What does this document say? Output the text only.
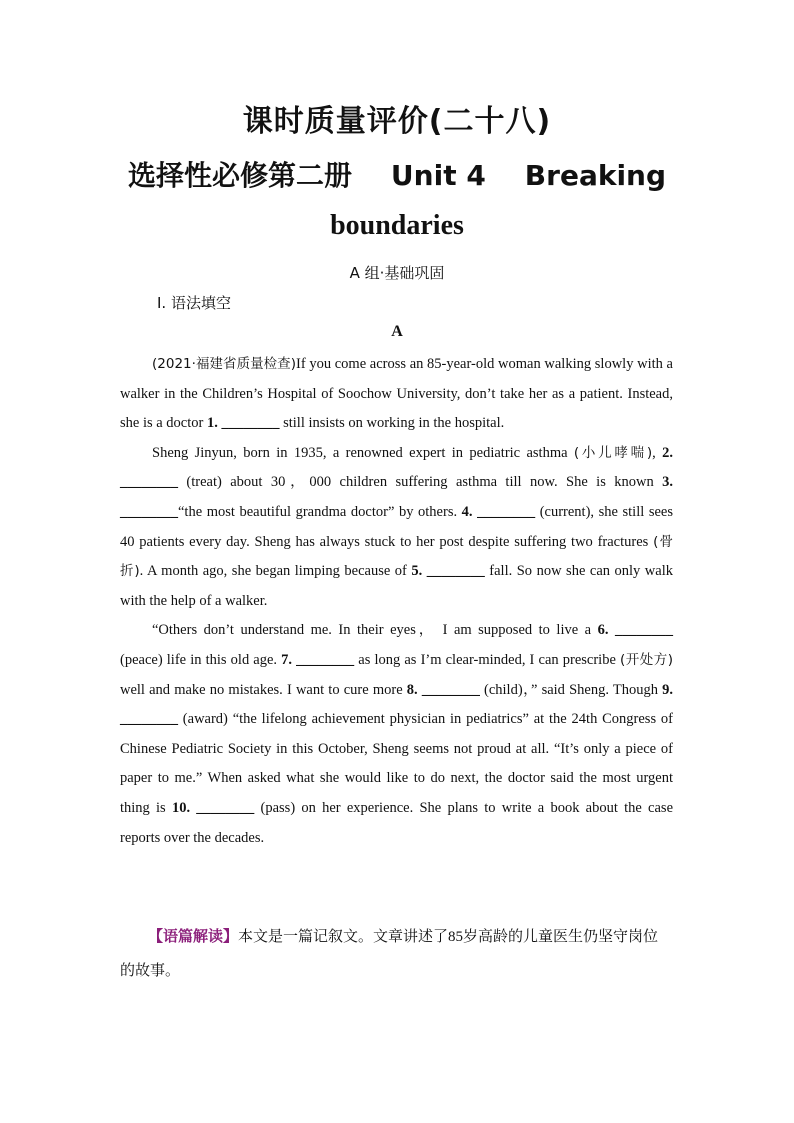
课时质量评价(二十八)
选择性必修第二册    Unit 4    Breaking
boundaries
A 组·基础巩固
Ⅰ. 语法填空
A

(2021·福建省质量检查)If you come across an 85-year-old woman walking slowly with a walker in the Children’s Hospital of Soochow University, don’t take her as a patient. Instead, she is a doctor 1. ________ still insists on working in the hospital.

Sheng Jinyun, born in 1935, a renowned expert in pediatric asthma (小儿哮喘), 2. ________ (treat) about 30，000 children suffering asthma till now. She is known 3. ________“the most beautiful grandma doctor” by others. 4. ________ (current), she still sees 40 patients every day. Sheng has always stuck to her post despite suffering two fractures (骨折). A month ago, she began limping because of 5. ________ fall. So now she can only walk with the help of a walker.

“Others don’t understand me. In their eyes， I am supposed to live a 6. ________ (peace) life in this old age. 7. ________ as long as I’m clear-minded, I can prescribe (开处方) well and make no mistakes. I want to cure more 8. ________ (child)，” said Sheng. Though 9. ________ (award) “the lifelong achievement physician in pediatrics” at the 24th Congress of Chinese Pediatric Society in this October, Sheng seems not proud at all. “It’s only a piece of paper to me.” When asked what she would like to do next, the doctor said the most urgent thing is 10. ________ (pass) on her experience. She plans to write a book about the case reports over the decades.

【语篇解读】本文是一篇记叙文。文章讲述了85岁高龄的儿童医生仍坚守岗位的故事。
